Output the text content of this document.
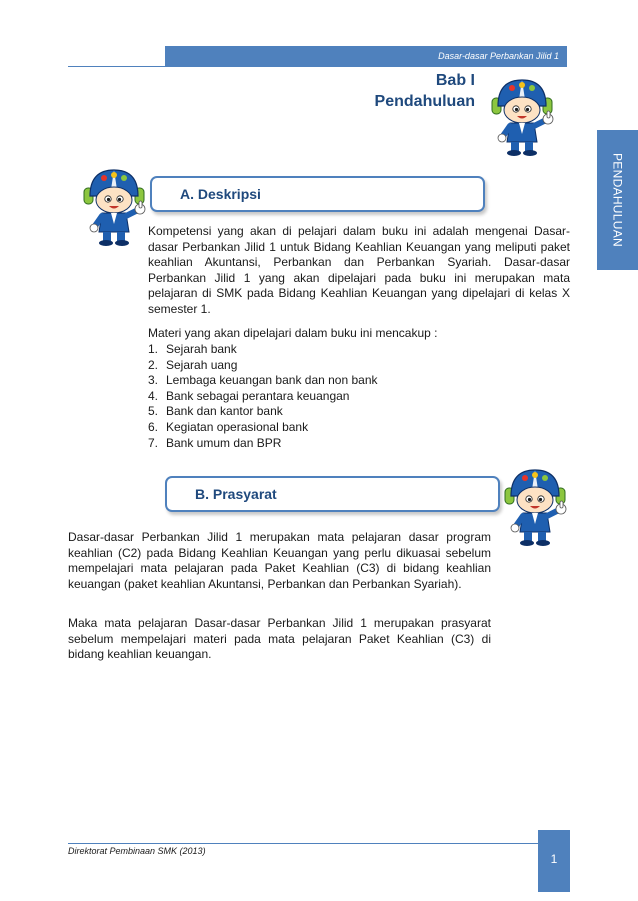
Dasar-dasar Perbankan Jilid 1
Bab I
Pendahuluan
PENDAHULUAN
A. Deskripsi

Kompetensi yang akan di pelajari dalam buku ini adalah mengenai Dasar-dasar Perbankan Jilid 1 untuk Bidang Keahlian Keuangan yang meliputi paket keahlian Akuntansi, Perbankan dan Perbankan Syariah. Dasar-dasar Perbankan Jilid 1 yang akan dipelajari pada buku ini merupakan mata pelajaran di SMK pada Bidang Keahlian Keuangan yang dipelajari di kelas X semester 1.

Materi yang akan dipelajari dalam buku ini mencakup :

1. Sejarah bank
2. Sejarah uang
3. Lembaga keuangan bank dan non bank
4. Bank sebagai perantara keuangan
5. Bank dan kantor bank
6. Kegiatan operasional bank
7. Bank umum dan BPR
B. Prasyarat

Dasar-dasar Perbankan Jilid 1 merupakan mata pelajaran dasar program keahlian (C2) pada Bidang Keahlian Keuangan yang perlu dikuasai sebelum mempelajari mata pelajaran pada Paket Keahlian (C3) di bidang keahlian keuangan (paket keahlian Akuntansi, Perbankan dan Perbankan Syariah).

Maka mata pelajaran Dasar-dasar Perbankan Jilid 1 merupakan prasyarat sebelum mempelajari materi pada mata pelajaran Paket Keahlian (C3) di bidang keahlian keuangan.

Direktorat Pembinaan SMK (2013)
1
